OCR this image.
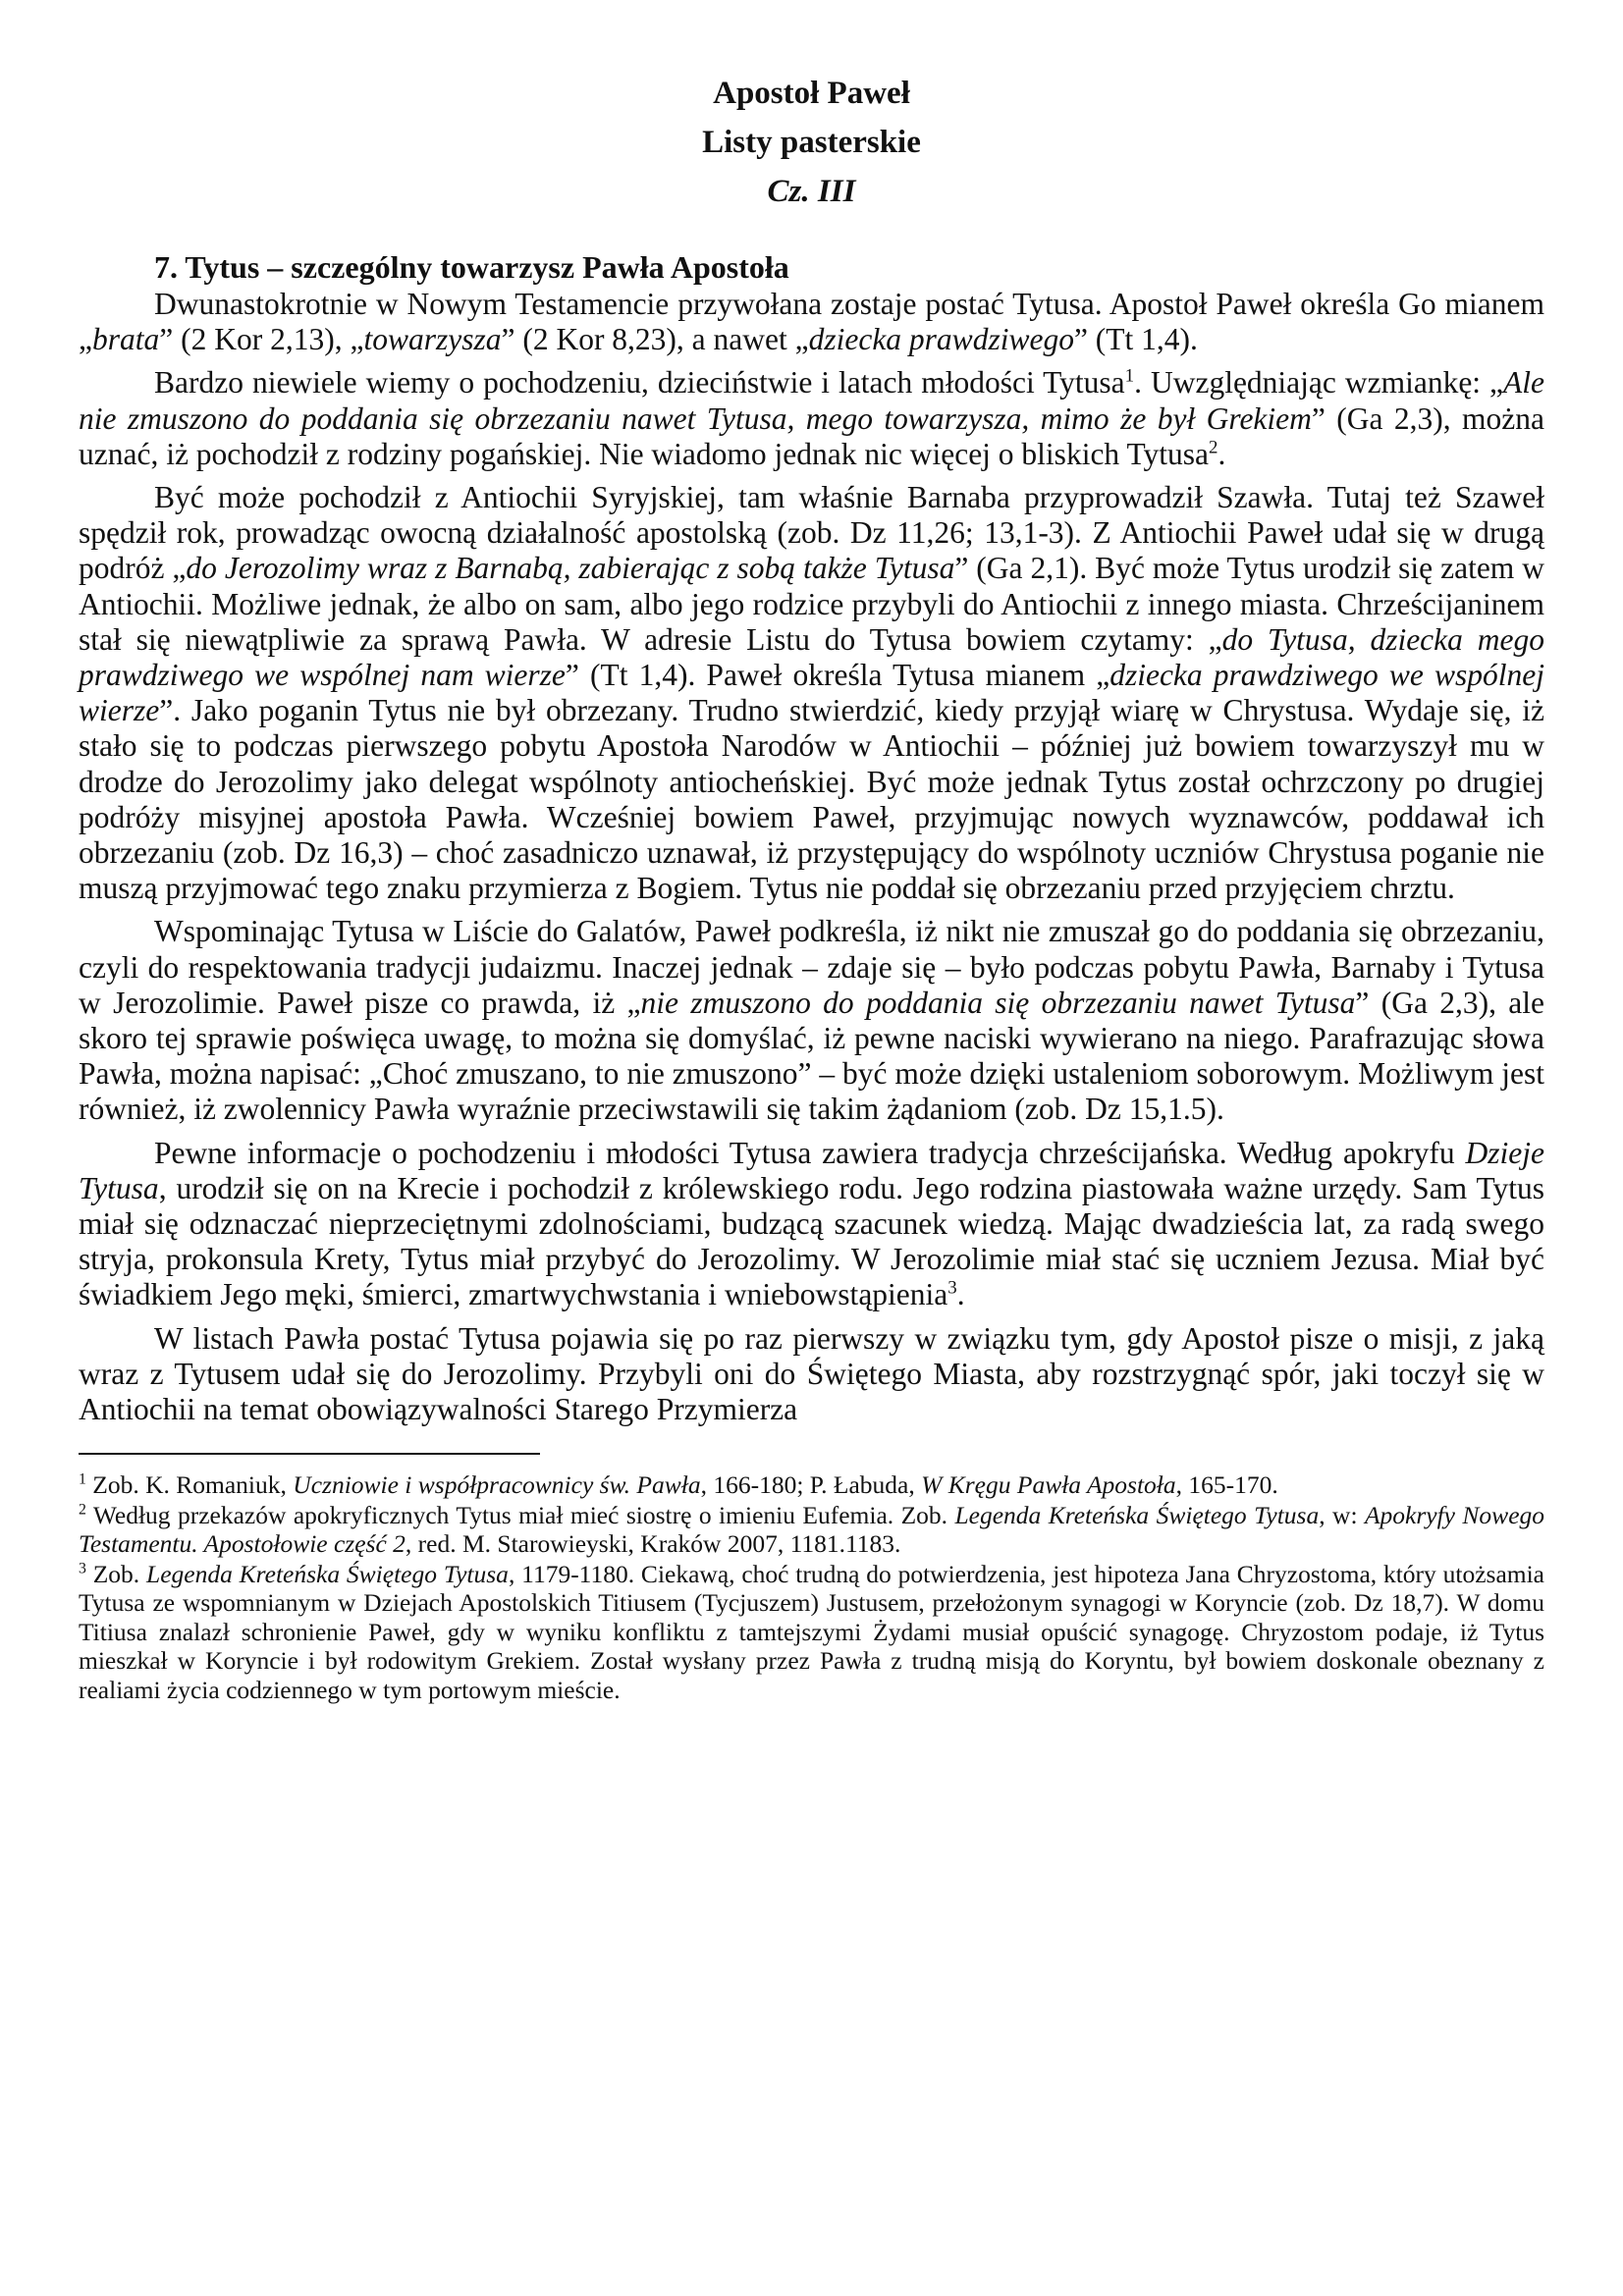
Apostoł Paweł
Listy pasterskie
Cz. III
7. Tytus – szczególny towarzysz Pawła Apostoła

Dwunastokrotnie w Nowym Testamencie przywołana zostaje postać Tytusa. Apostoł Paweł określa Go mianem „brata” (2 Kor 2,13), „towarzysza” (2 Kor 8,23), a nawet „dziecka prawdziwego” (Tt 1,4).

Bardzo niewiele wiemy o pochodzeniu, dzieciństwie i latach młodości Tytusa$^1$. Uwzględniając wzmiankę: „Ale nie zmuszono do poddania się obrzezaniu nawet Tytusa, mego towarzysza, mimo że był Grekiem” (Ga 2,3), można uznać, iż pochodził z rodziny pogańskiej. Nie wiadomo jednak nic więcej o bliskich Tytusa$^2$.

Być może pochodził z Antiochii Syryjskiej, tam właśnie Barnaba przyprowadził Szawła. Tutaj też Szaweł spędził rok, prowadząc owocną działalność apostolską (zob. Dz 11,26; 13,1-3). Z Antiochii Paweł udał się w drugą podróż „do Jerozolimy wraz z Barnabą, zabierając z sobą także Tytusa” (Ga 2,1). Być może Tytus urodził się zatem w Antiochii. Możliwe jednak, że albo on sam, albo jego rodzice przybyli do Antiochii z innego miasta. Chrześcijaninem stał się niewątpliwie za sprawą Pawła. W adresie Listu do Tytusa bowiem czytamy: „do Tytusa, dziecka mego prawdziwego we wspólnej nam wierze” (Tt 1,4). Paweł określa Tytusa mianem „dziecka prawdziwego we wspólnej wierze”. Jako poganin Tytus nie był obrzezany. Trudno stwierdzić, kiedy przyjął wiarę w Chrystusa. Wydaje się, iż stało się to podczas pierwszego pobytu Apostoła Narodów w Antiochii – później już bowiem towarzyszył mu w drodze do Jerozolimy jako delegat wspólnoty antiocheńskiej. Być może jednak Tytus został ochrzczony po drugiej podróży misyjnej apostoła Pawła. Wcześniej bowiem Paweł, przyjmując nowych wyznawców, poddawał ich obrzezaniu (zob. Dz 16,3) – choć zasadniczo uznawał, iż przystępujący do wspólnoty uczniów Chrystusa poganie nie muszą przyjmować tego znaku przymierza z Bogiem. Tytus nie poddał się obrzezaniu przed przyjęciem chrztu.

Wspominając Tytusa w Liście do Galatów, Paweł podkreśla, iż nikt nie zmuszał go do poddania się obrzezaniu, czyli do respektowania tradycji judaizmu. Inaczej jednak – zdaje się – było podczas pobytu Pawła, Barnaby i Tytusa w Jerozolimie. Paweł pisze co prawda, iż „nie zmuszono do poddania się obrzezaniu nawet Tytusa” (Ga 2,3), ale skoro tej sprawie poświęca uwagę, to można się domyślać, iż pewne naciski wywierano na niego. Parafrazując słowa Pawła, można napisać: „Choć zmuszano, to nie zmuszono” – być może dzięki ustaleniom soborowym. Możliwym jest również, iż zwolennicy Pawła wyraźnie przeciwstawili się takim żądaniom (zob. Dz 15,1.5).

Pewne informacje o pochodzeniu i młodości Tytusa zawiera tradycja chrześcijańska. Według apokryfu Dzieje Tytusa, urodził się on na Krecie i pochodził z królewskiego rodu. Jego rodzina piastowała ważne urzędy. Sam Tytus miał się odznaczać nieprzeciętnymi zdolnościami, budzącą szacunek wiedzą. Mając dwadzieścia lat, za radą swego stryja, prokonsula Krety, Tytus miał przybyć do Jerozolimy. W Jerozolimie miał stać się uczniem Jezusa. Miał być świadkiem Jego męki, śmierci, zmartwychwstania i wniebowstąpienia$^3$.

W listach Pawła postać Tytusa pojawia się po raz pierwszy w związku tym, gdy Apostoł pisze o misji, z jaką wraz z Tytusem udał się do Jerozolimy. Przybyli oni do Świętego Miasta, aby rozstrzygnąć spór, jaki toczył się w Antiochii na temat obowiązywalności Starego Przymierza

$^1$ Zob. K. Romaniuk, Uczniowie i współpracownicy św. Pawła, 166-180; P. Łabuda, W Kręgu Pawła Apostoła, 165-170.
$^2$ Według przekazów apokryficznych Tytus miał mieć siostrę o imieniu Eufemia. Zob. Legenda Kreteńska Świętego Tytusa, w: Apokryfy Nowego Testamentu. Apostołowie część 2, red. M. Starowieyski, Kraków 2007, 1181.1183.
$^3$ Zob. Legenda Kreteńska Świętego Tytusa, 1179-1180. Ciekawą, choć trudną do potwierdzenia, jest hipoteza Jana Chryzostoma, który utożsamia Tytusa ze wspomnianym w Dziejach Apostolskich Titiusem (Tycjuszem) Justusem, przełożonym synagogi w Koryncie (zob. Dz 18,7). W domu Titiusa znalazł schronienie Paweł, gdy w wyniku konfliktu z tamtejszymi Żydami musiał opuścić synagogę. Chryzostom podaje, iż Tytus mieszkał w Koryncie i był rodowitym Grekiem. Został wysłany przez Pawła z trudną misją do Koryntu, był bowiem doskonale obeznany z realiami życia codziennego w tym portowym mieście.
